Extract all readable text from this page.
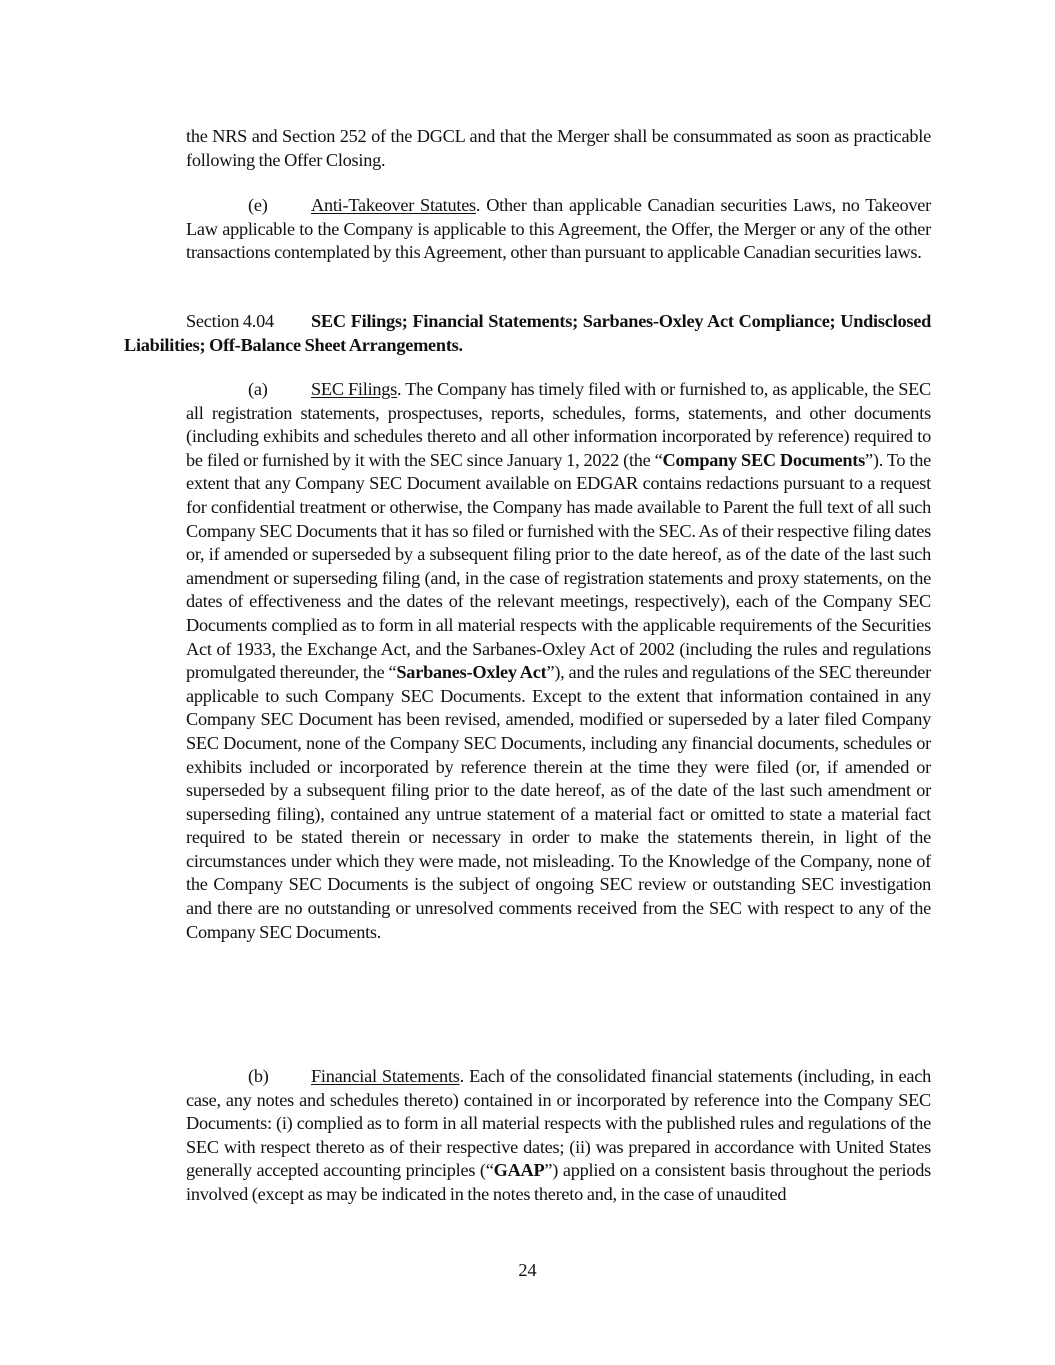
the NRS and Section 252 of the DGCL and that the Merger shall be consummated as soon as practicable following the Offer Closing.
(e) Anti-Takeover Statutes. Other than applicable Canadian securities Laws, no Takeover Law applicable to the Company is applicable to this Agreement, the Offer, the Merger or any of the other transactions contemplated by this Agreement, other than pursuant to applicable Canadian securities laws.
Section 4.04 SEC Filings; Financial Statements; Sarbanes-Oxley Act Compliance; Undisclosed Liabilities; Off-Balance Sheet Arrangements.
(a) SEC Filings. The Company has timely filed with or furnished to, as applicable, the SEC all registration statements, prospectuses, reports, schedules, forms, statements, and other documents (including exhibits and schedules thereto and all other information incorporated by reference) required to be filed or furnished by it with the SEC since January 1, 2022 (the “Company SEC Documents”). To the extent that any Company SEC Document available on EDGAR contains redactions pursuant to a request for confidential treatment or otherwise, the Company has made available to Parent the full text of all such Company SEC Documents that it has so filed or furnished with the SEC. As of their respective filing dates or, if amended or superseded by a subsequent filing prior to the date hereof, as of the date of the last such amendment or superseding filing (and, in the case of registration statements and proxy statements, on the dates of effectiveness and the dates of the relevant meetings, respectively), each of the Company SEC Documents complied as to form in all material respects with the applicable requirements of the Securities Act of 1933, the Exchange Act, and the Sarbanes-Oxley Act of 2002 (including the rules and regulations promulgated thereunder, the “Sarbanes-Oxley Act”), and the rules and regulations of the SEC thereunder applicable to such Company SEC Documents. Except to the extent that information contained in any Company SEC Document has been revised, amended, modified or superseded by a later filed Company SEC Document, none of the Company SEC Documents, including any financial documents, schedules or exhibits included or incorporated by reference therein at the time they were filed (or, if amended or superseded by a subsequent filing prior to the date hereof, as of the date of the last such amendment or superseding filing), contained any untrue statement of a material fact or omitted to state a material fact required to be stated therein or necessary in order to make the statements therein, in light of the circumstances under which they were made, not misleading. To the Knowledge of the Company, none of the Company SEC Documents is the subject of ongoing SEC review or outstanding SEC investigation and there are no outstanding or unresolved comments received from the SEC with respect to any of the Company SEC Documents.
(b) Financial Statements. Each of the consolidated financial statements (including, in each case, any notes and schedules thereto) contained in or incorporated by reference into the Company SEC Documents: (i) complied as to form in all material respects with the published rules and regulations of the SEC with respect thereto as of their respective dates; (ii) was prepared in accordance with United States generally accepted accounting principles (“GAAP”) applied on a consistent basis throughout the periods involved (except as may be indicated in the notes thereto and, in the case of unaudited
24
